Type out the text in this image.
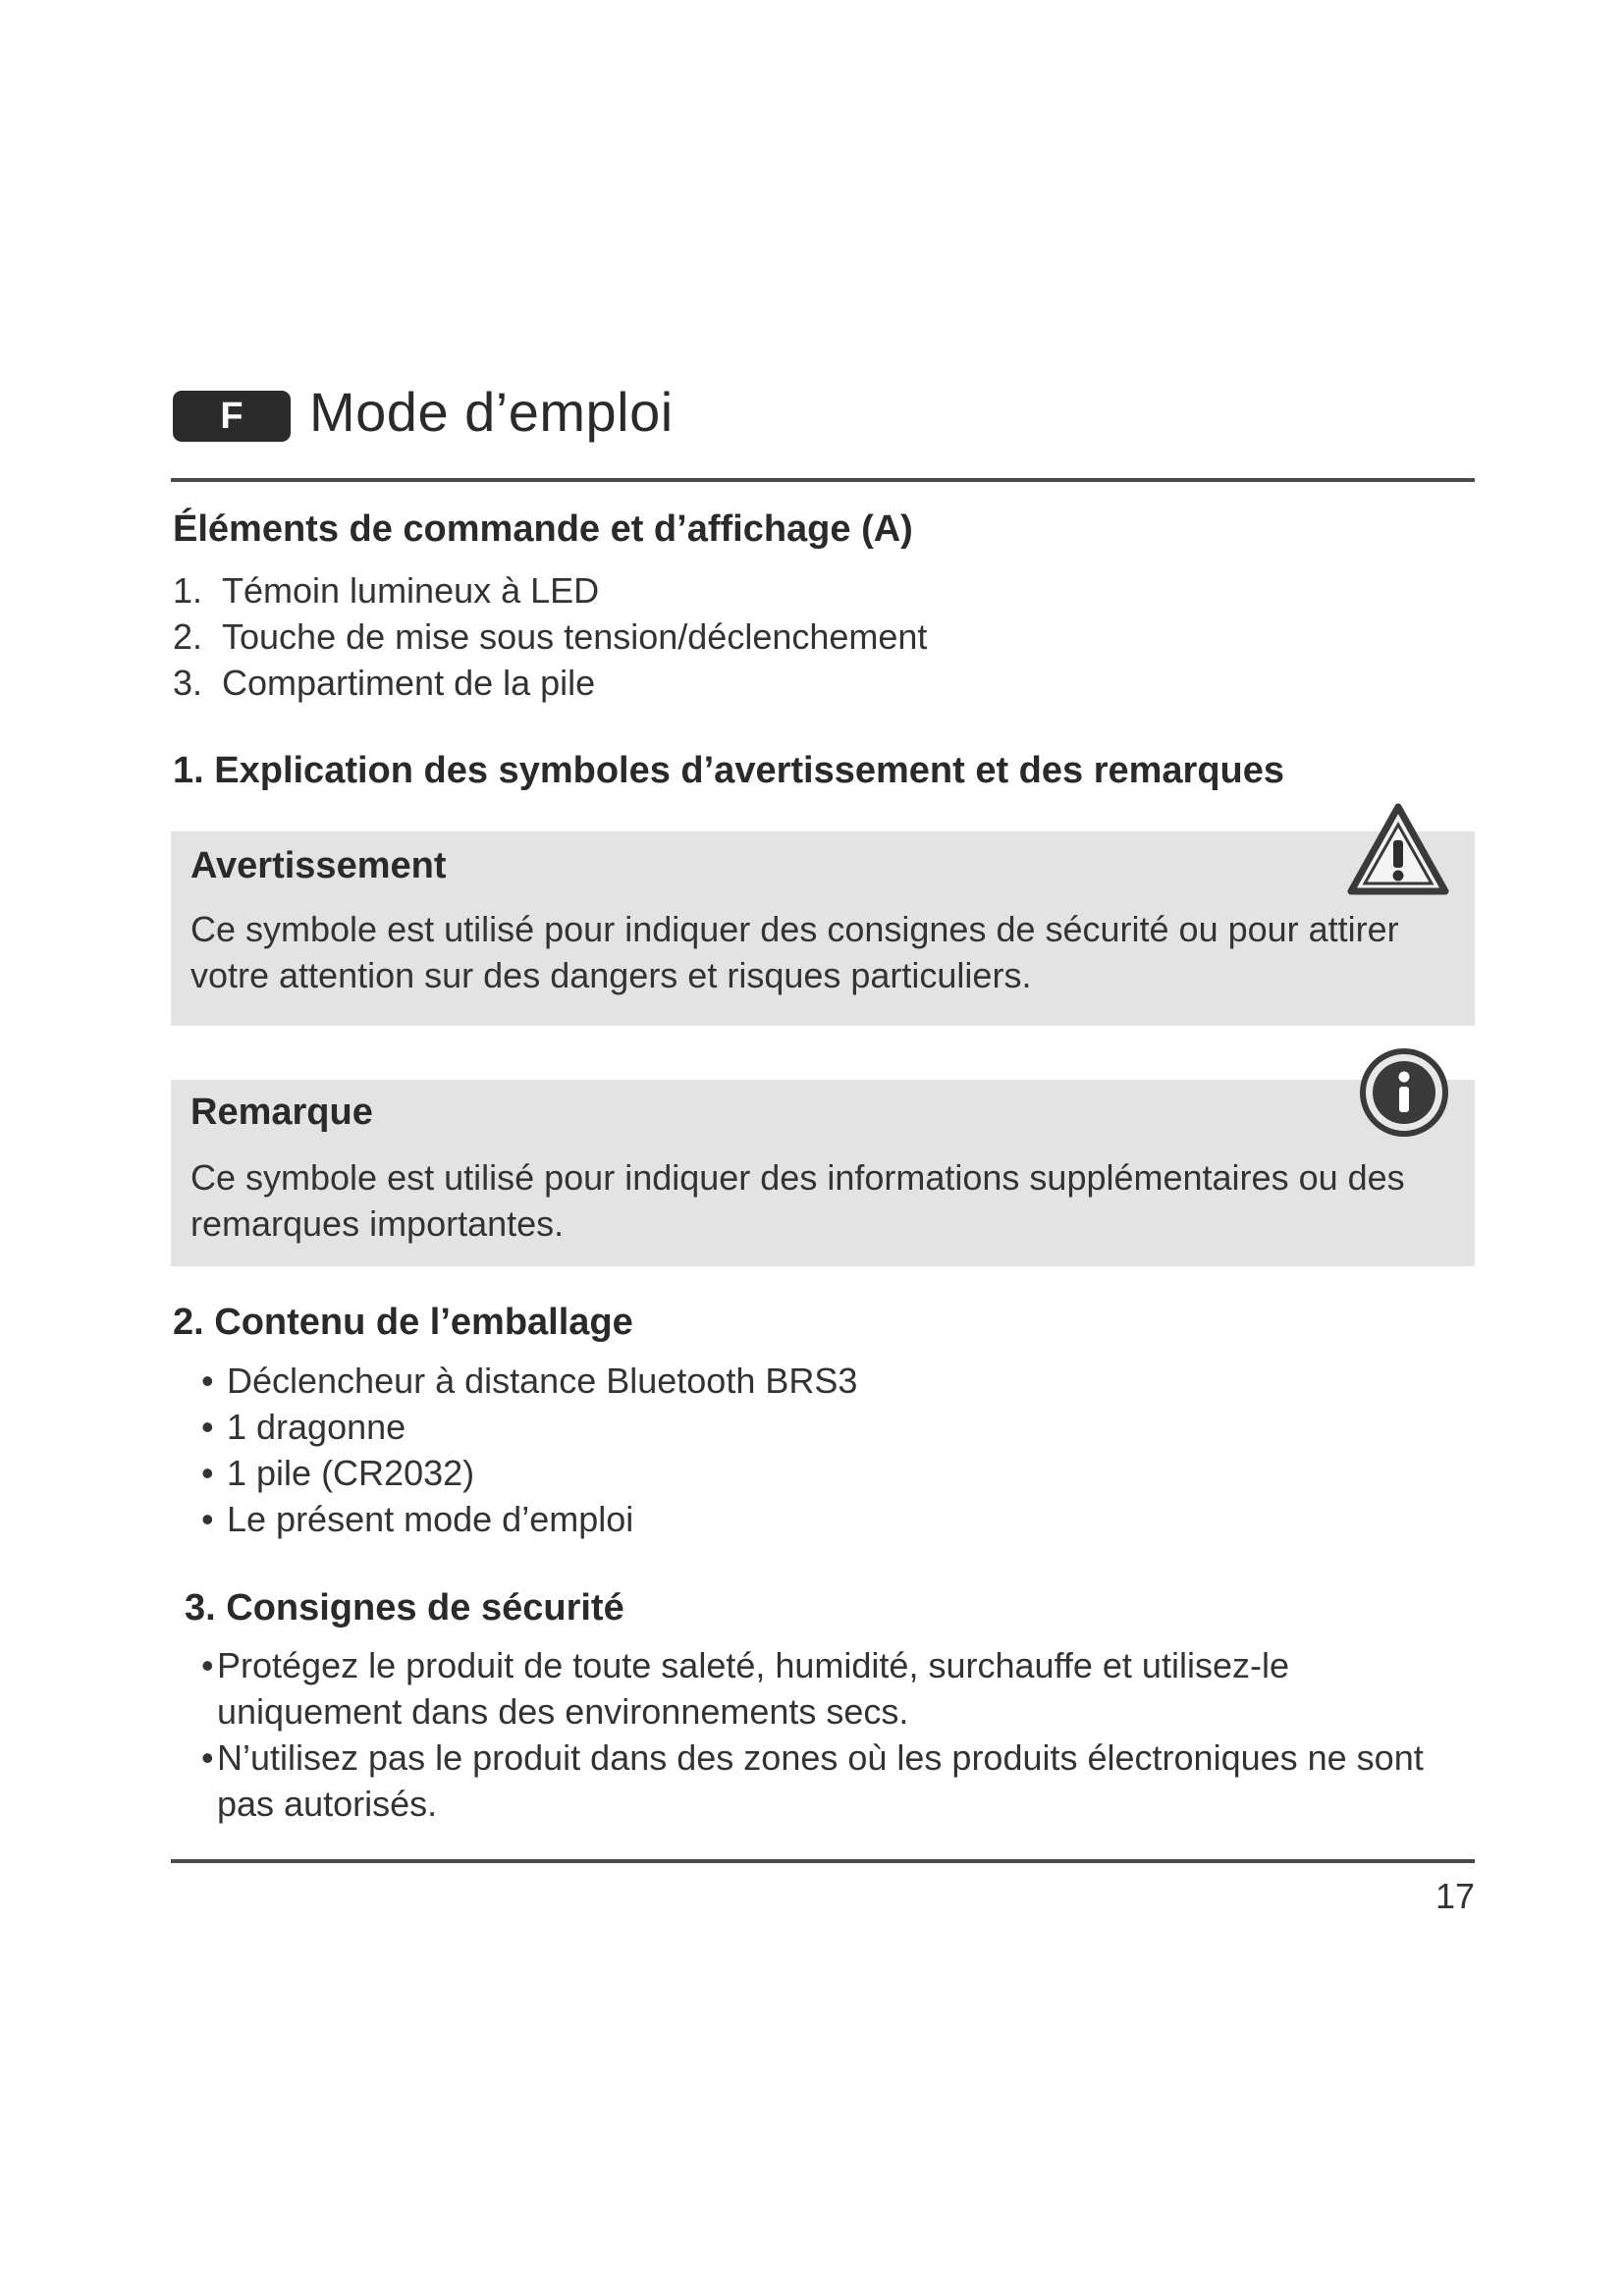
F Mode d’emploi
Éléments de commande et d’affichage (A)
1. Témoin lumineux à LED
2. Touche de mise sous tension/déclenchement
3. Compartiment de la pile
1. Explication des symboles d’avertissement et des remarques
Avertissement
Ce symbole est utilisé pour indiquer des consignes de sécurité ou pour attirer votre attention sur des dangers et risques particuliers.
Remarque
Ce symbole est utilisé pour indiquer des informations supplémentaires ou des remarques importantes.
2. Contenu de l’emballage
• Déclencheur à distance Bluetooth BRS3
• 1 dragonne
• 1 pile (CR2032)
• Le présent mode d’emploi
3. Consignes de sécurité
• Protégez le produit de toute saleté, humidité, surchauffe et utilisez-le uniquement dans des environnements secs.
• N’utilisez pas le produit dans des zones où les produits électroniques ne sont pas autorisés.
17
